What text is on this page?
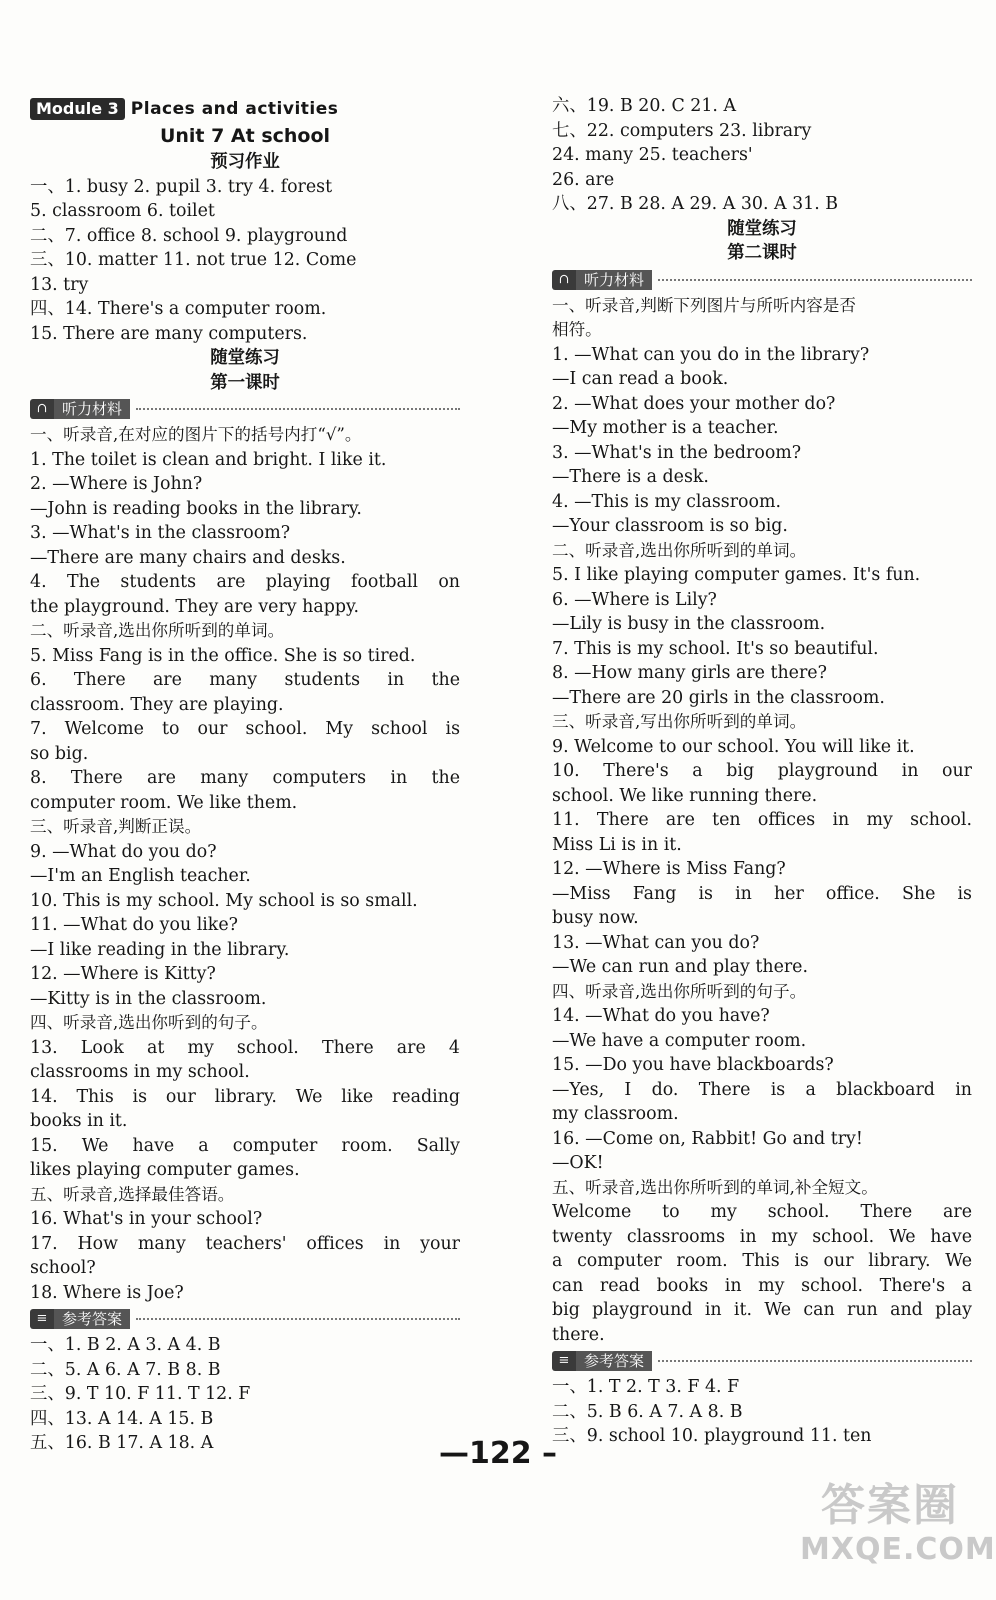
Module 3 Places and activities
Unit 7 At school
预习作业
一、1. busy 2. pupil 3. try 4. forest
5. classroom 6. toilet
二、7. office 8. school 9. playground
三、10. matter 11. not true 12. Come
13. try
四、14. There's a computer room.
15. There are many computers.
随堂练习
第一课时
∩ 听力材料
一、听录音,在对应的图片下的括号内打“√”。
1. The toilet is clean and bright. I like it.
2. —Where is John?
—John is reading books in the library.
3. —What's in the classroom?
—There are many chairs and desks.
4. The students are playing football on
the playground. They are very happy.
二、听录音,选出你所听到的单词。
5. Miss Fang is in the office. She is so tired.
6. There are many students in the
classroom. They are playing.
7. Welcome to our school. My school is
so big.
8. There are many computers in the
computer room. We like them.
三、听录音,判断正误。
9. —What do you do?
—I'm an English teacher.
10. This is my school. My school is so small.
11. —What do you like?
—I like reading in the library.
12. —Where is Kitty?
—Kitty is in the classroom.
四、听录音,选出你听到的句子。
13. Look at my school. There are 4
classrooms in my school.
14. This is our library. We like reading
books in it.
15. We have a computer room. Sally
likes playing computer games.
五、听录音,选择最佳答语。
16. What's in your school?
17. How many teachers' offices in your
school?
18. Where is Joe?
≡ 参考答案
一、1. B 2. A 3. A 4. B
二、5. A 6. A 7. B 8. B
三、9. T 10. F 11. T 12. F
四、13. A 14. A 15. B
五、16. B 17. A 18. A
六、19. B 20. C 21. A
七、22. computers 23. library
24. many 25. teachers'
26. are
八、27. B 28. A 29. A 30. A 31. B
随堂练习
第二课时
∩ 听力材料
一、听录音,判断下列图片与所听内容是否
相符。
1. —What can you do in the library?
—I can read a book.
2. —What does your mother do?
—My mother is a teacher.
3. —What's in the bedroom?
—There is a desk.
4. —This is my classroom.
—Your classroom is so big.
二、听录音,选出你所听到的单词。
5. I like playing computer games. It's fun.
6. —Where is Lily?
—Lily is busy in the classroom.
7. This is my school. It's so beautiful.
8. —How many girls are there?
—There are 20 girls in the classroom.
三、听录音,写出你所听到的单词。
9. Welcome to our school. You will like it.
10. There's a big playground in our
school. We like running there.
11. There are ten offices in my school.
Miss Li is in it.
12. —Where is Miss Fang?
—Miss Fang is in her office. She is
busy now.
13. —What can you do?
—We can run and play there.
四、听录音,选出你所听到的句子。
14. —What do you have?
—We have a computer room.
15. —Do you have blackboards?
—Yes, I do. There is a blackboard in
my classroom.
16. —Come on, Rabbit! Go and try!
—OK!
五、听录音,选出你所听到的单词,补全短文。
Welcome to my school. There are
twenty classrooms in my school. We have
a computer room. This is our library. We
can read books in my school. There's a
big playground in it. We can run and play
there.
≡ 参考答案
一、1. T 2. T 3. F 4. F
二、5. B 6. A 7. A 8. B
三、9. school 10. playground 11. ten
—122 –
答案圈
MXQE.COM
